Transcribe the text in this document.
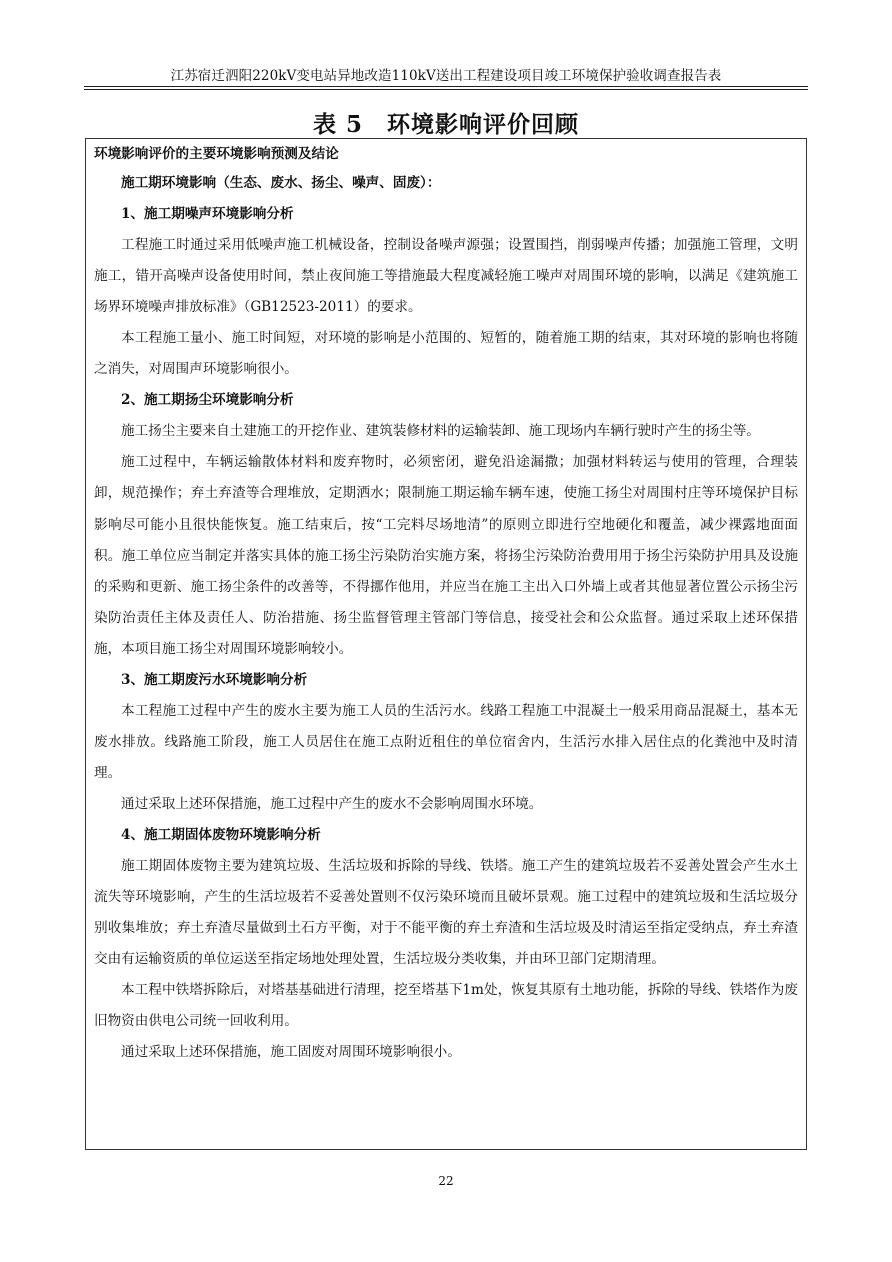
江苏宿迁泗阳220kV变电站异地改造110kV送出工程建设项目竣工环境保护验收调查报告表
表 5　环境影响评价回顾

环境影响评价的主要环境影响预测及结论

施工期环境影响（生态、废水、扬尘、噪声、固废）：

1、施工期噪声环境影响分析

工程施工时通过采用低噪声施工机械设备，控制设备噪声源强；设置围挡，削弱噪声传播；加强施工管理，文明施工，错开高噪声设备使用时间，禁止夜间施工等措施最大程度减轻施工噪声对周围环境的影响，以满足《建筑施工场界环境噪声排放标准》（GB12523-2011）的要求。

本工程施工量小、施工时间短，对环境的影响是小范围的、短暂的，随着施工期的结束，其对环境的影响也将随之消失，对周围声环境影响很小。

2、施工期扬尘环境影响分析

施工扬尘主要来自土建施工的开挖作业、建筑装修材料的运输装卸、施工现场内车辆行驶时产生的扬尘等。

施工过程中，车辆运输散体材料和废弃物时，必须密闭，避免沿途漏撒；加强材料转运与使用的管理，合理装卸，规范操作；弃土弃渣等合理堆放，定期洒水；限制施工期运输车辆车速，使施工扬尘对周围村庄等环境保护目标影响尽可能小且很快能恢复。施工结束后，按“工完料尽场地清”的原则立即进行空地硬化和覆盖，减少裸露地面面积。施工单位应当制定并落实具体的施工扬尘污染防治实施方案，将扬尘污染防治费用用于扬尘污染防护用具及设施的采购和更新、施工扬尘条件的改善等，不得挪作他用，并应当在施工主出入口外墙上或者其他显著位置公示扬尘污染防治责任主体及责任人、防治措施、扬尘监督管理主管部门等信息，接受社会和公众监督。通过采取上述环保措施，本项目施工扬尘对周围环境影响较小。

3、施工期废污水环境影响分析

本工程施工过程中产生的废水主要为施工人员的生活污水。线路工程施工中混凝土一般采用商品混凝土，基本无废水排放。线路施工阶段，施工人员居住在施工点附近租住的单位宿舍内，生活污水排入居住点的化粪池中及时清理。

通过采取上述环保措施，施工过程中产生的废水不会影响周围水环境。

4、施工期固体废物环境影响分析

施工期固体废物主要为建筑垃圾、生活垃圾和拆除的导线、铁塔。施工产生的建筑垃圾若不妥善处置会产生水土流失等环境影响，产生的生活垃圾若不妥善处置则不仅污染环境而且破坏景观。施工过程中的建筑垃圾和生活垃圾分别收集堆放；弃土弃渣尽量做到土石方平衡，对于不能平衡的弃土弃渣和生活垃圾及时清运至指定受纳点，弃土弃渣交由有运输资质的单位运送至指定场地处理处置，生活垃圾分类收集，并由环卫部门定期清理。

本工程中铁塔拆除后，对塔基基础进行清理，挖至塔基下1m处，恢复其原有土地功能，拆除的导线、铁塔作为废旧物资由供电公司统一回收利用。

通过采取上述环保措施，施工固废对周围环境影响很小。

22
